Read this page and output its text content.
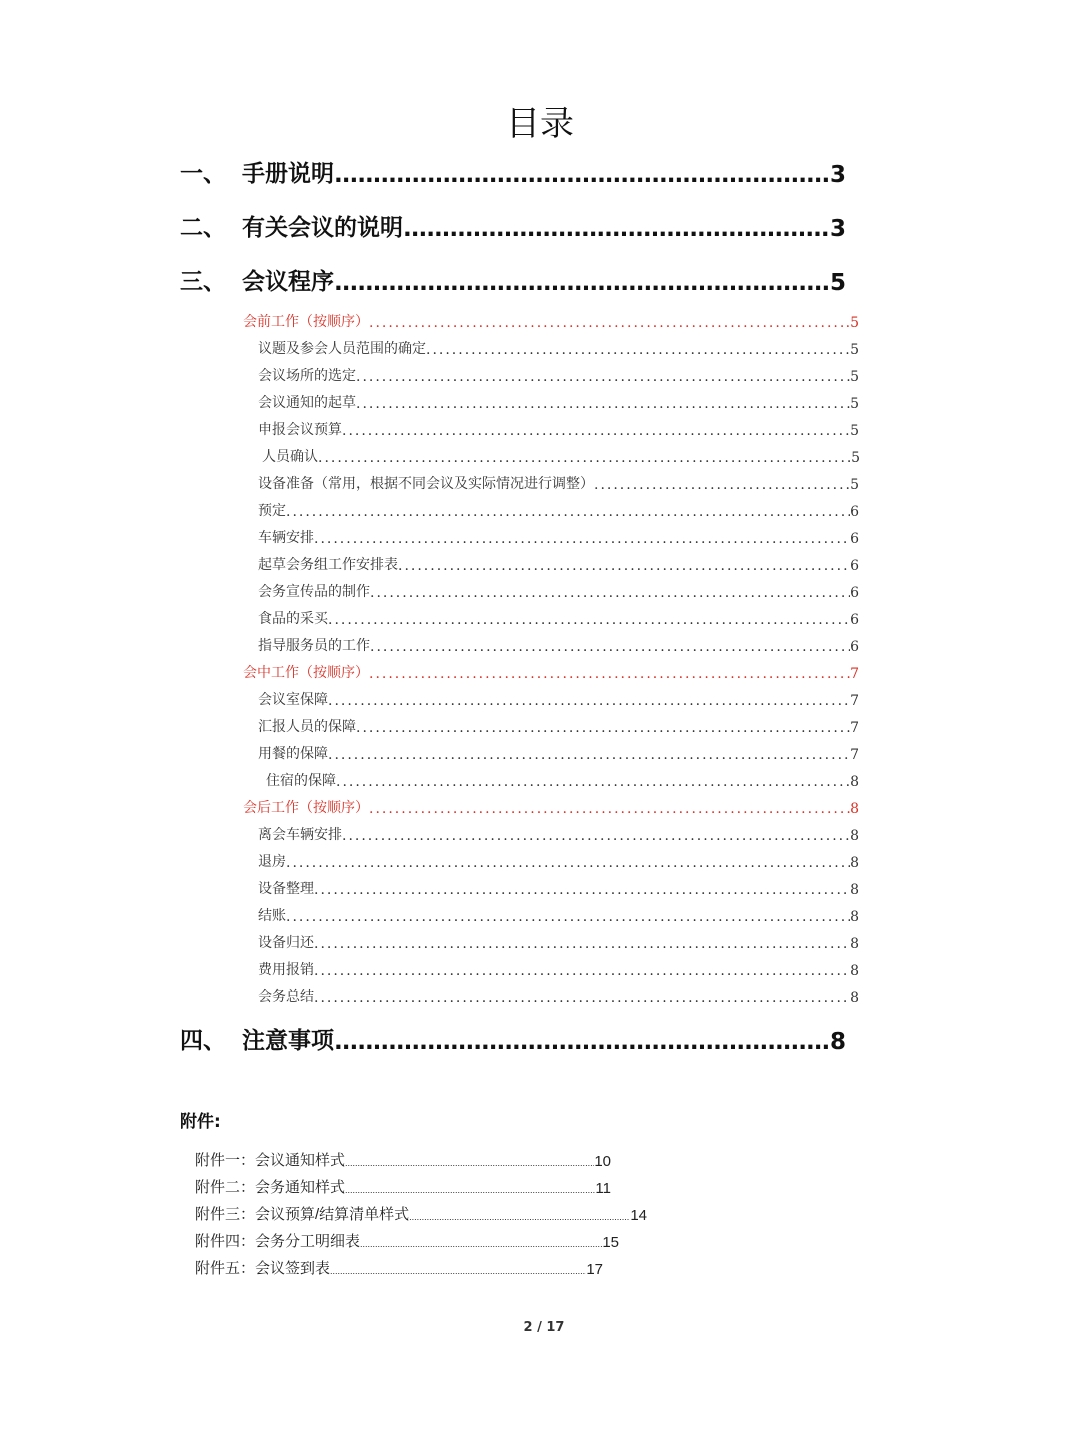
目录
一、 手册说明 .....	3
二、 有关会议的说明 .....	3
三、 会议程序 .....	5
会前工作（按顺序） .....	.5
议题及参会人员范围的确定 .....	5
会议场所的选定 .....	5
会议通知的起草 .....	5
申报会议预算 .....	5
人员确认 .....	5
设备准备（常用，根据不同会议及实际情况进行调整） .....	5
预定 .....	6
车辆安排 .....	6
起草会务组工作安排表 .....	6
会务宣传品的制作 .....	6
食品的采买 .....	6
指导服务员的工作 .....	6
会中工作（按顺序） .....	7
会议室保障 .....	7
汇报人员的保障 .....	7
用餐的保障 .....	7
住宿的保障 .....	8
会后工作（按顺序） .....	8
离会车辆安排 .....	8
退房 .....	8
设备整理 .....	8
结账 .....	8
设备归还 .....	8
费用报销 .....	8
会务总结 .....	8
四、 注意事项 .....	8
附件:
附件一：会议通知样式 .....	10
附件二：会务通知样式 .....	11
附件三：会议预算/结算清单样式 .....	14
附件四：会务分工明细表 .....	15
附件五：会议签到表 .....	17
2 / 17
